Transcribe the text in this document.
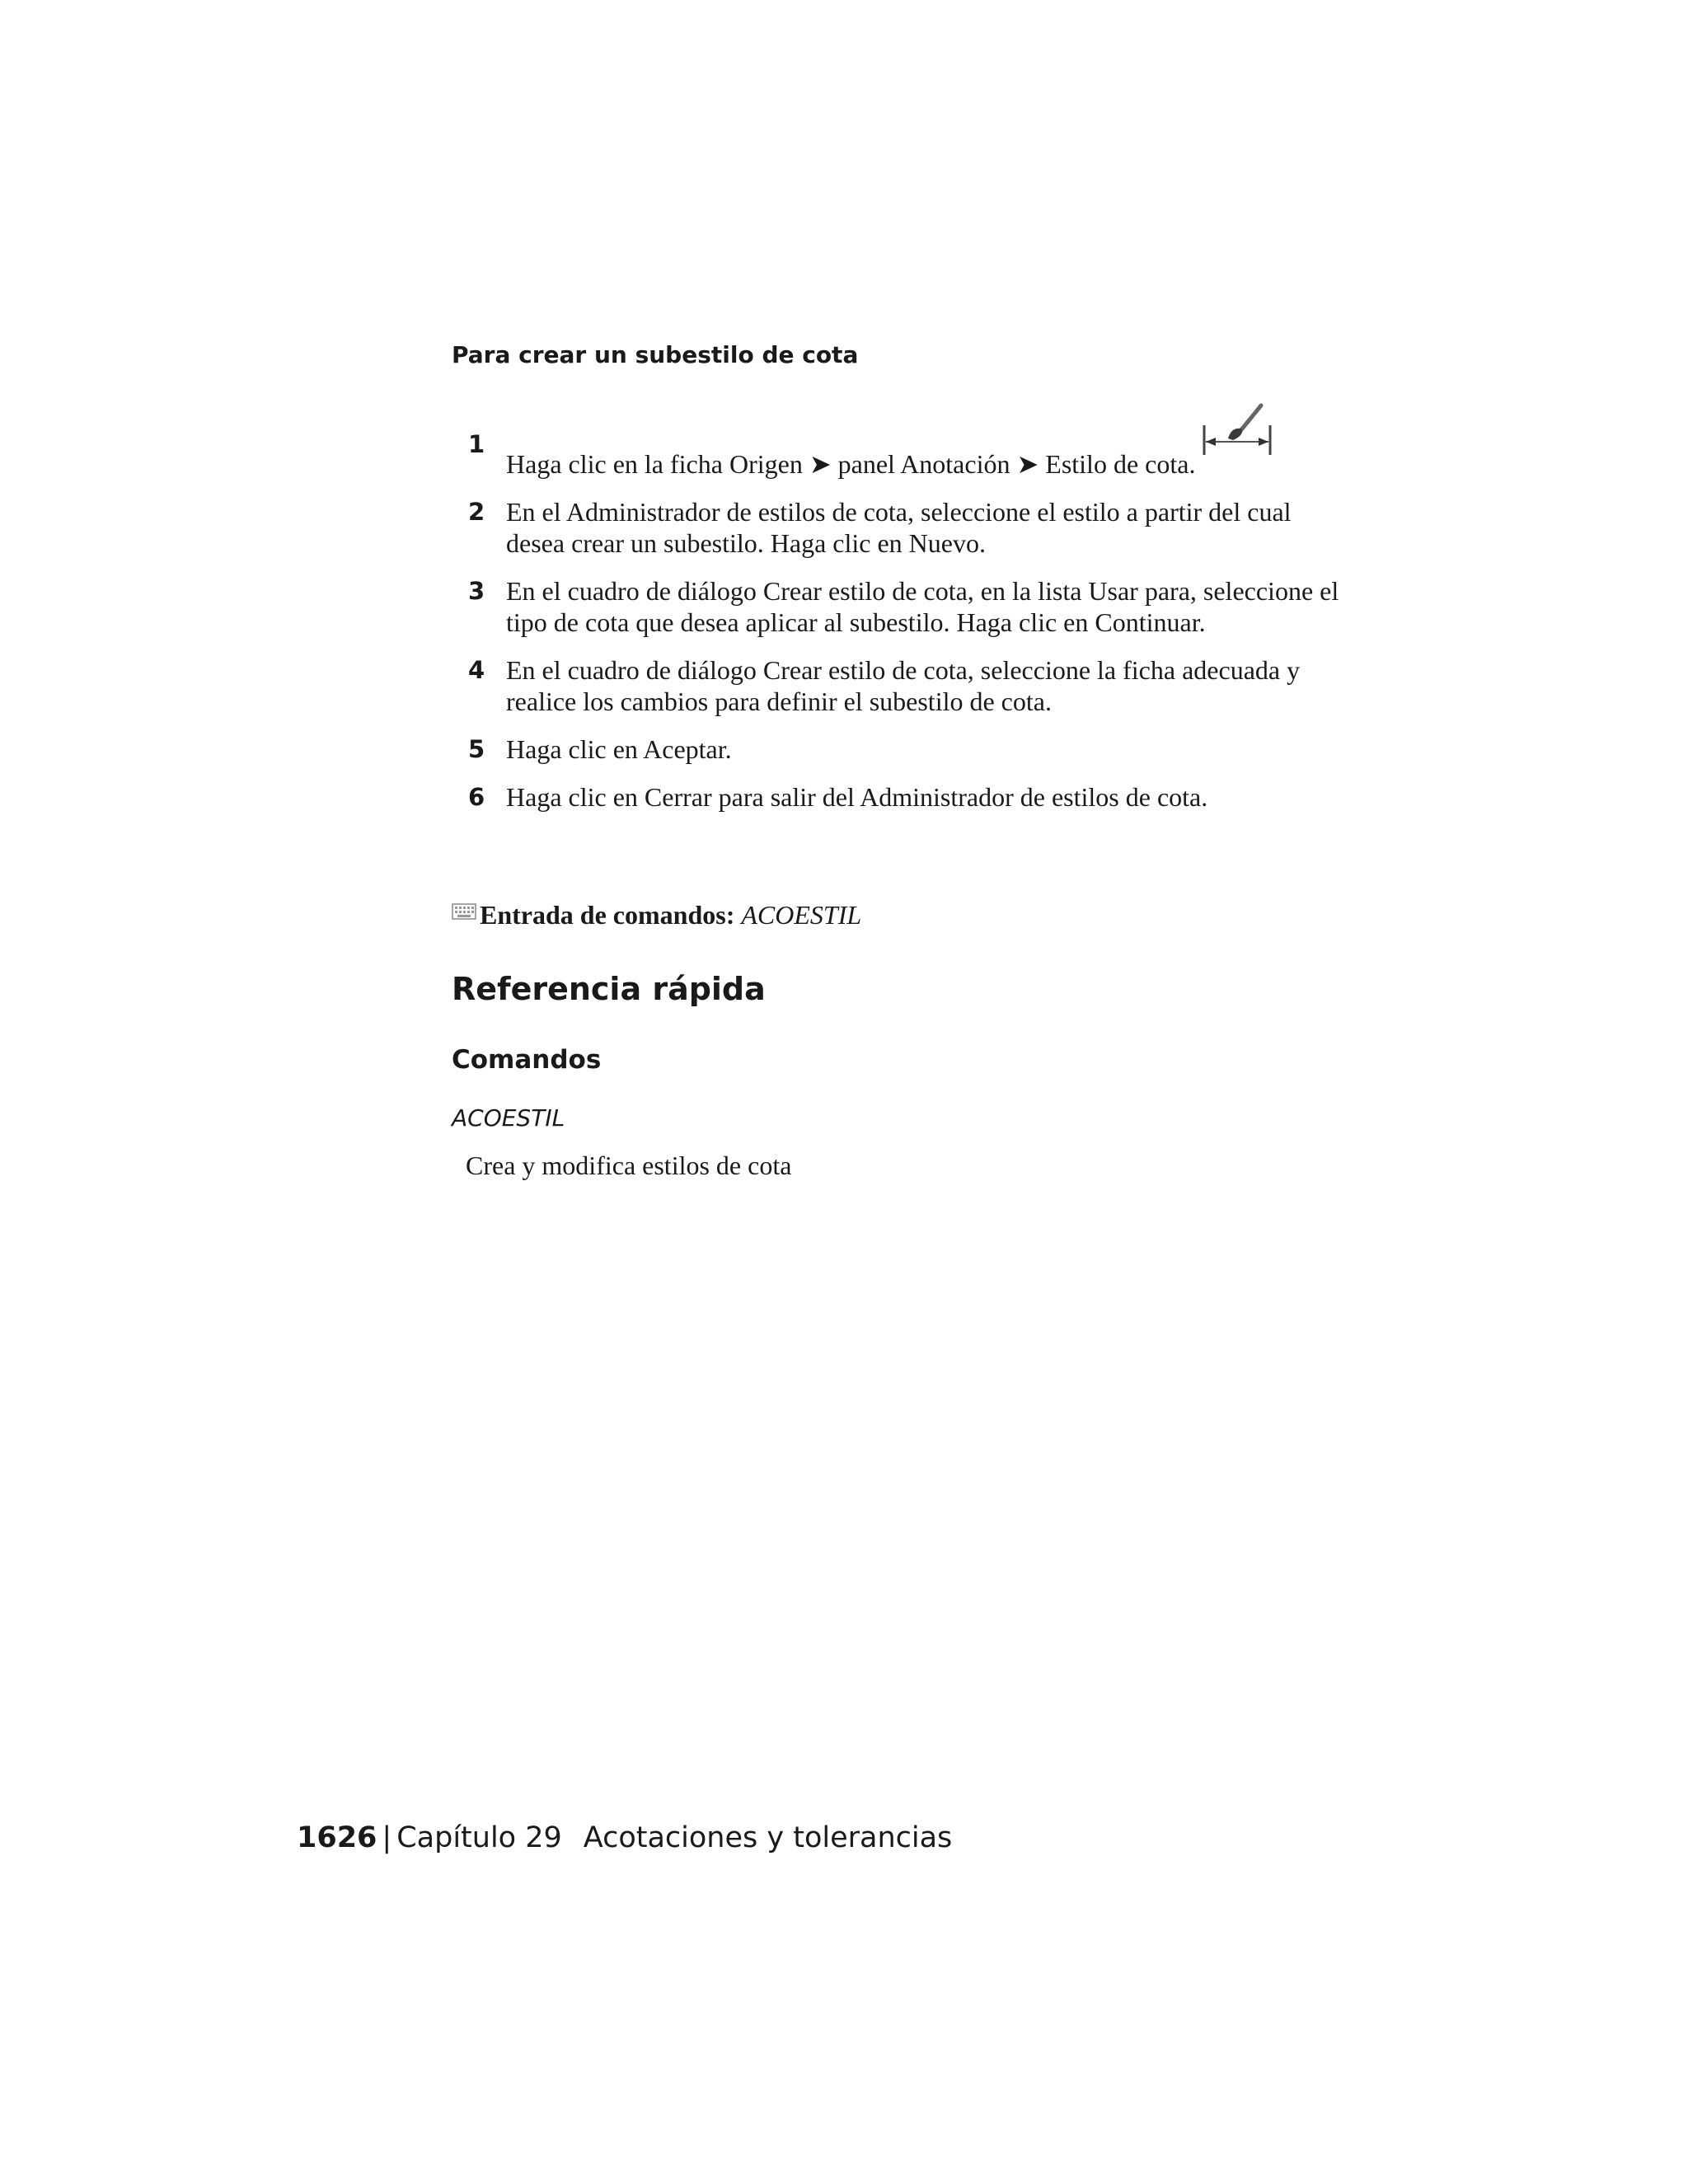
Para crear un subestilo de cota
1
Haga clic en la ficha Origen ➤ panel Anotación ➤ Estilo de cota.
2 En el Administrador de estilos de cota, seleccione el estilo a partir del cual desea crear un subestilo. Haga clic en Nuevo.
3 En el cuadro de diálogo Crear estilo de cota, en la lista Usar para, seleccione el tipo de cota que desea aplicar al subestilo. Haga clic en Continuar.
4 En el cuadro de diálogo Crear estilo de cota, seleccione la ficha adecuada y realice los cambios para definir el subestilo de cota.
5 Haga clic en Aceptar.
6 Haga clic en Cerrar para salir del Administrador de estilos de cota.
Entrada de comandos: ACOESTIL
Referencia rápida
Comandos

ACOESTIL

Crea y modifica estilos de cota

1626 | Capítulo 29 Acotaciones y tolerancias
